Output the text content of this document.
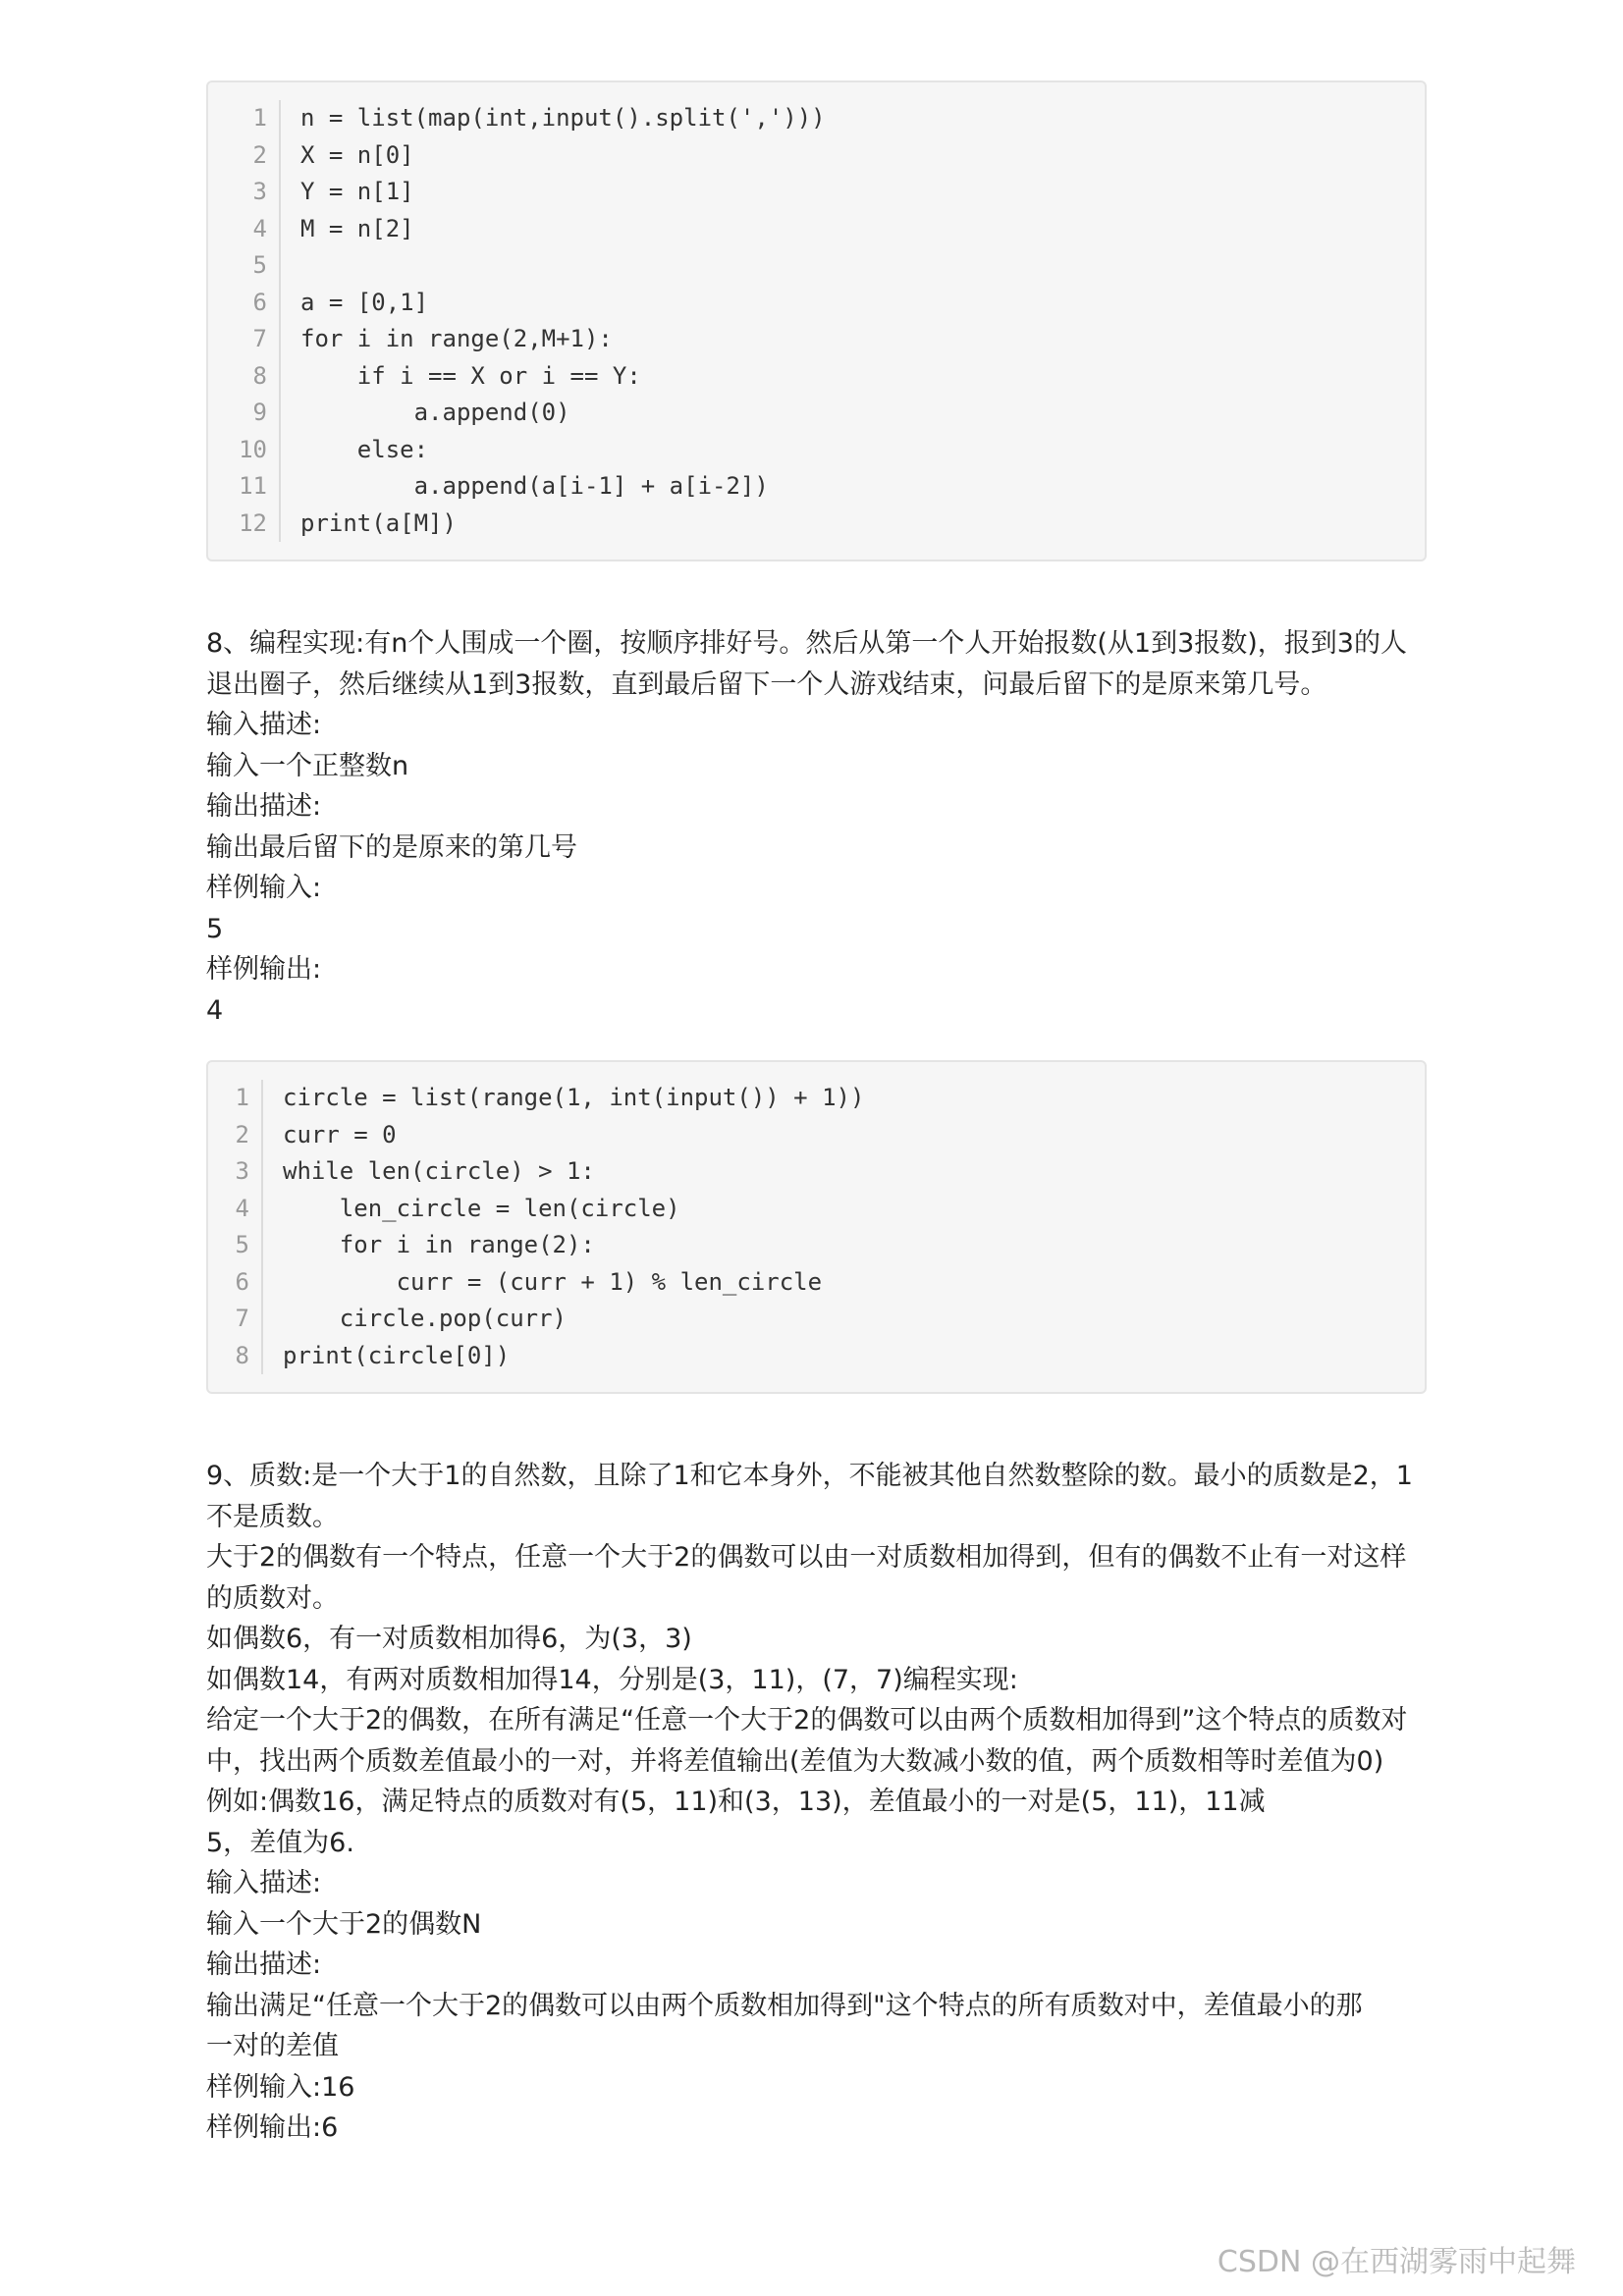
1	n = list(map(int,input().split(',')))
2	X = n[0]
3	Y = n[1]
4	M = n[2]
5
6	a = [0,1]
7	for i in range(2,M+1):
8	if i == X or i == Y:
9	a.append(0)
10	else:
11	a.append(a[i-1] + a[i-2])
12	print(a[M])

8、编程实现:有n个人围成一个圈，按顺序排好号。然后从第一个人开始报数(从1到3报数)，报到3的人

退出圈子，然后继续从1到3报数，直到最后留下一个人游戏结束，问最后留下的是原来第几号。

输入描述:

输入一个正整数n

输出描述:

输出最后留下的是原来的第几号

样例输入:

5

样例输出:

4

1	circle = list(range(1, int(input()) + 1))
2	curr = 0
3	while len(circle) > 1:
4	len_circle = len(circle)
5	for i in range(2):
6	curr = (curr + 1) % len_circle
7	circle.pop(curr)
8	print(circle[0])

9、质数:是一个大于1的自然数，且除了1和它本身外，不能被其他自然数整除的数。最小的质数是2，1

不是质数。

大于2的偶数有一个特点，任意一个大于2的偶数可以由一对质数相加得到，但有的偶数不止有一对这样

的质数对。

如偶数6，有一对质数相加得6，为(3，3)

如偶数14，有两对质数相加得14，分别是(3，11)，(7，7)编程实现:

给定一个大于2的偶数，在所有满足“任意一个大于2的偶数可以由两个质数相加得到”这个特点的质数对

中，找出两个质数差值最小的一对，并将差值输出(差值为大数减小数的值，两个质数相等时差值为0)

例如:偶数16，满足特点的质数对有(5，11)和(3，13)，差值最小的一对是(5，11)，11减

5，差值为6.

输入描述:

输入一个大于2的偶数N

输出描述:

输出满足“任意一个大于2的偶数可以由两个质数相加得到"这个特点的所有质数对中，差值最小的那

一对的差值

样例输入:16

样例输出:6

CSDN @在西湖雾雨中起舞
